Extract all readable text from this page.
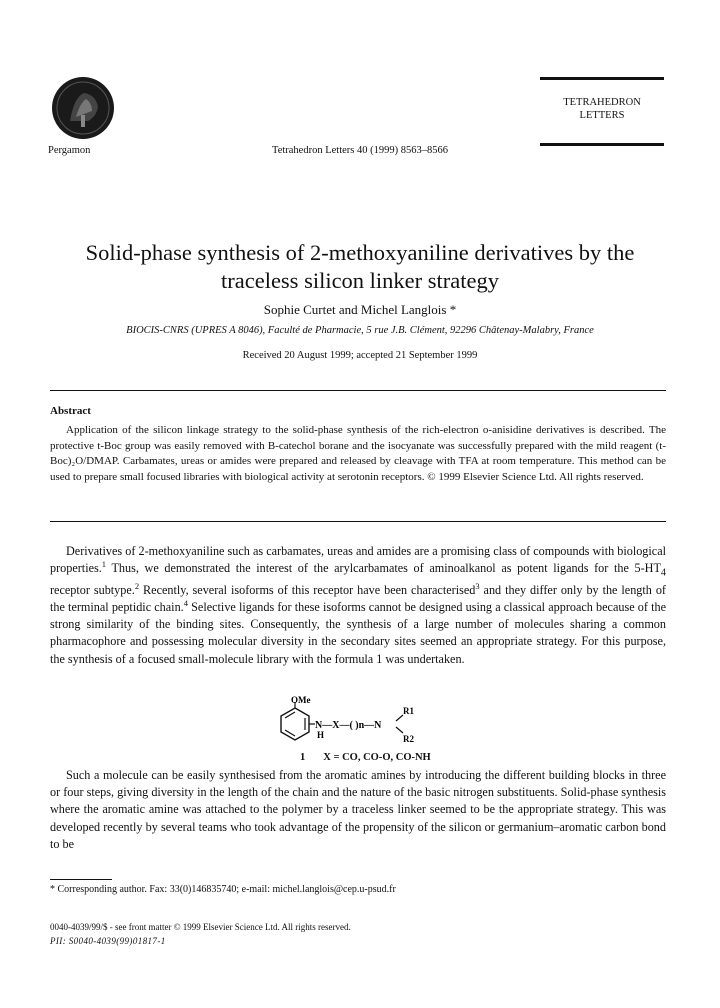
Pergamon	Tetrahedron Letters 40 (1999) 8563–8566
TETRAHEDRON
LETTERS
Solid-phase synthesis of 2-methoxyaniline derivatives by the
traceless silicon linker strategy
Sophie Curtet and Michel Langlois *
BIOCIS-CNRS (UPRES A 8046), Faculté de Pharmacie, 5 rue J.B. Clément, 92296 Châtenay-Malabry, France
Received 20 August 1999; accepted 21 September 1999
Abstract
Application of the silicon linkage strategy to the solid-phase synthesis of the rich-electron o-anisidine derivatives is described. The protective t-Boc group was easily removed with B-catechol borane and the isocyanate was successfully prepared with the mild reagent (t-Boc)₂O/DMAP. Carbamates, ureas or amides were prepared and released by cleavage with TFA at room temperature. This method can be used to prepare small focused libraries with biological activity at serotonin receptors. © 1999 Elsevier Science Ltd. All rights reserved.
Derivatives of 2-methoxyaniline such as carbamates, ureas and amides are a promising class of compounds with biological properties.$^1$ Thus, we demonstrated the interest of the arylcarbamates of aminoalkanol as potent ligands for the $5-HT_4$ receptor subtype.$^2$ Recently, several isoforms of this receptor have been characterised$^3$ and they differ only by the length of the terminal peptidic chain.$^4$ Selective ligands for these isoforms cannot be designed using a classical approach because of the strong similarity of the binding sites. Consequently, the synthesis of a large number of molecules sharing a common pharmacophore and possessing molecular diversity in the secondary sites seemed an appropriate strategy. For this purpose, the synthesis of a focused small-molecule library with the formula 1 was undertaken.
OMe
N—X—( )n—N
H
R1
R2
1 X = CO, CO-O, CO-NH
Such a molecule can be easily synthesised from the aromatic amines by introducing the different building blocks in three or four steps, giving diversity in the length of the chain and the nature of the basic nitrogen substituents. Solid-phase synthesis where the aromatic amine was attached to the polymer by a traceless linker seemed to be the appropriate strategy. This was developed recently by several teams who took advantage of the propensity of the silicon or germanium–aromatic carbon bond to be
* Corresponding author. Fax: 33(0)146835740; e-mail: michel.langlois@cep.u-psud.fr
0040-4039/99/$ - see front matter © 1999 Elsevier Science Ltd. All rights reserved.
PII: S0040-4039(99)01817-1
